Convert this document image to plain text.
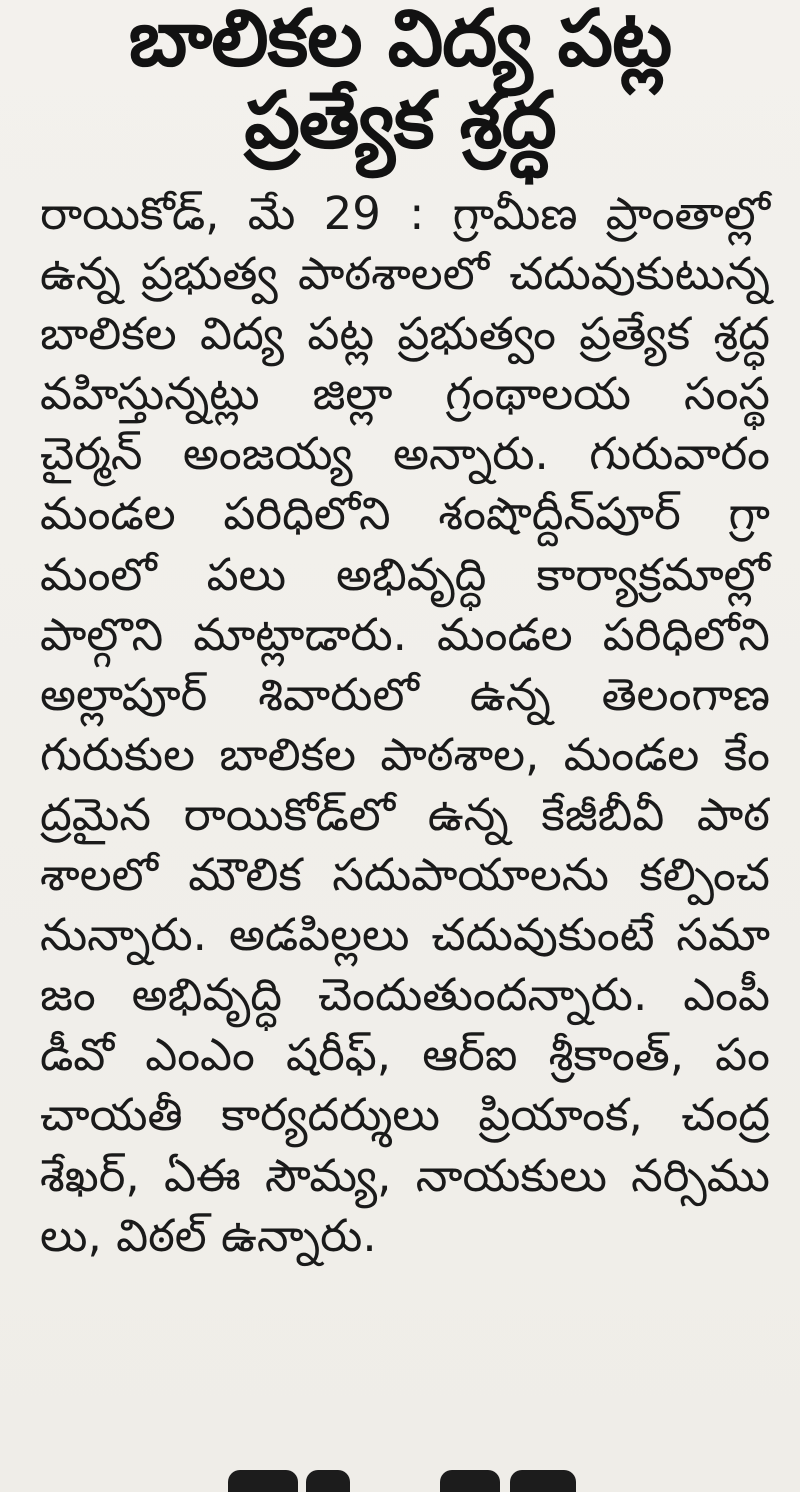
బాలికల విద్య పట్ల
ప్రత్యేక శ్రద్ధ
రాయికోడ్, మే 29 : గ్రామీణ ప్రాంతాల్లో
ఉన్న ప్రభుత్వ పాఠశాలలో చదువుకుటున్న
బాలికల విద్య పట్ల ప్రభుత్వం ప్రత్యేక శ్రద్ధ
వహిస్తున్నట్లు జిల్లా గ్రంథాలయ సంస్థ
చైర్మన్ అంజయ్య అన్నారు. గురువారం
మండల పరిధిలోని శంషొద్దీన్‌పూర్ గ్రా
మంలో పలు అభివృద్ధి కార్యాక్రమాల్లో
పాల్గొని మాట్లాడారు. మండల పరిధిలోని
అల్లాపూర్ శివారులో ఉన్న తెలంగాణ
గురుకుల బాలికల పాఠశాల, మండల కేం
ద్రమైన రాయికోడ్‌లో ఉన్న కేజీబీవీ పాఠ
శాలలో మౌలిక సదుపాయాలను కల్పించ
నున్నారు. అడపిల్లలు చదువుకుంటే సమా
జం అభివృద్ధి చెందుతుందన్నారు. ఎంపీ
డీవో ఎంఎం షరీఫ్, ఆర్ఐ శ్రీకాంత్, పం
చాయతీ కార్యదర్శులు ప్రియాంక, చంద్ర
శేఖర్, ఏఈ సౌమ్య, నాయకులు నర్సిము
లు, విఠల్ ఉన్నారు.
